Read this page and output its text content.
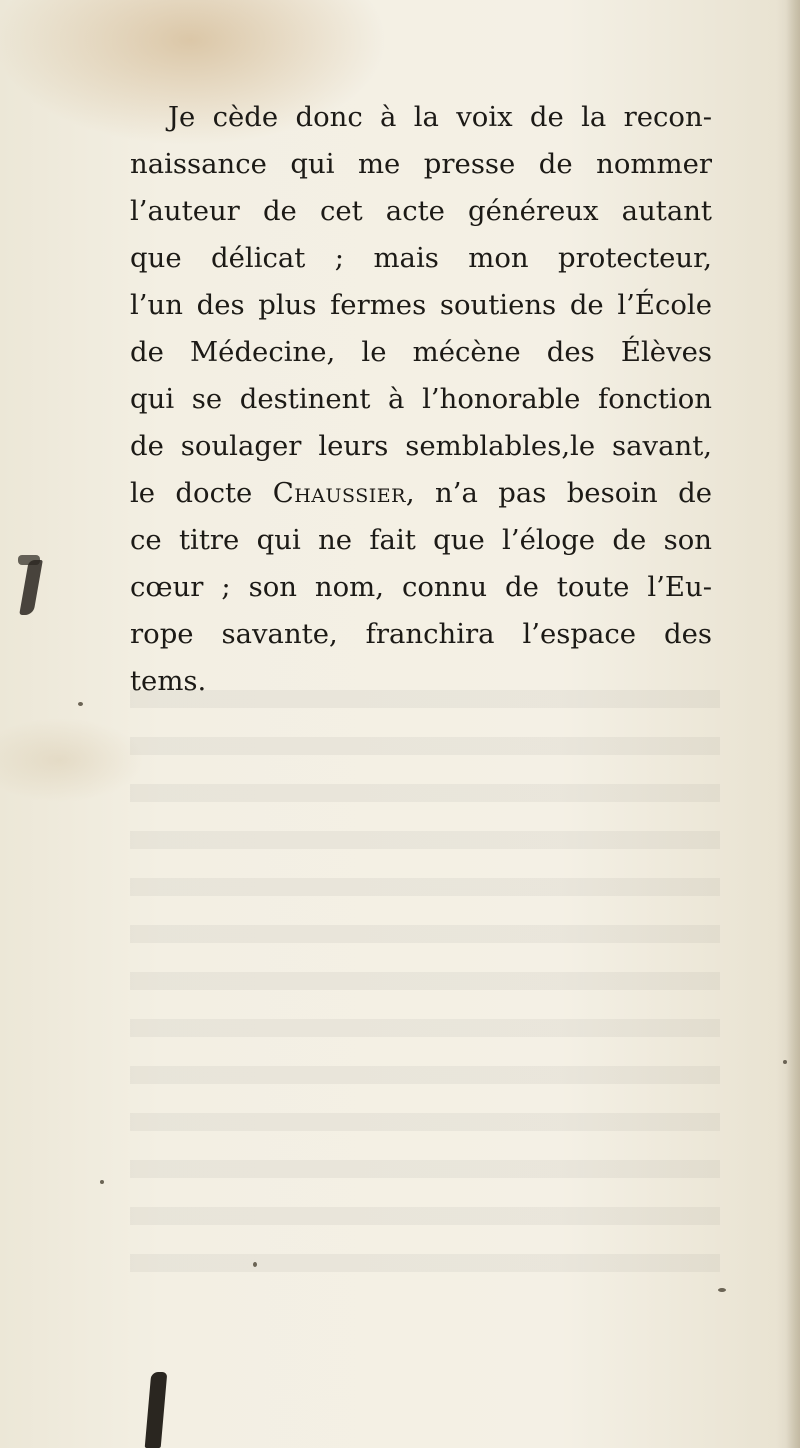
Je cède donc à la voix de la recon-
naissance qui me presse de nommer
l’auteur de cet acte généreux autant
que délicat ; mais mon protecteur,
l’un des plus fermes soutiens de l’École
de Médecine, le mécène des Élèves
qui se destinent à l’honorable fonction
de soulager leurs semblables,le savant,
le docte Chaussier, n’a pas besoin de
ce titre qui ne fait que l’éloge de son
cœur ; son nom, connu de toute l’Eu-
rope savante, franchira l’espace des
tems.
